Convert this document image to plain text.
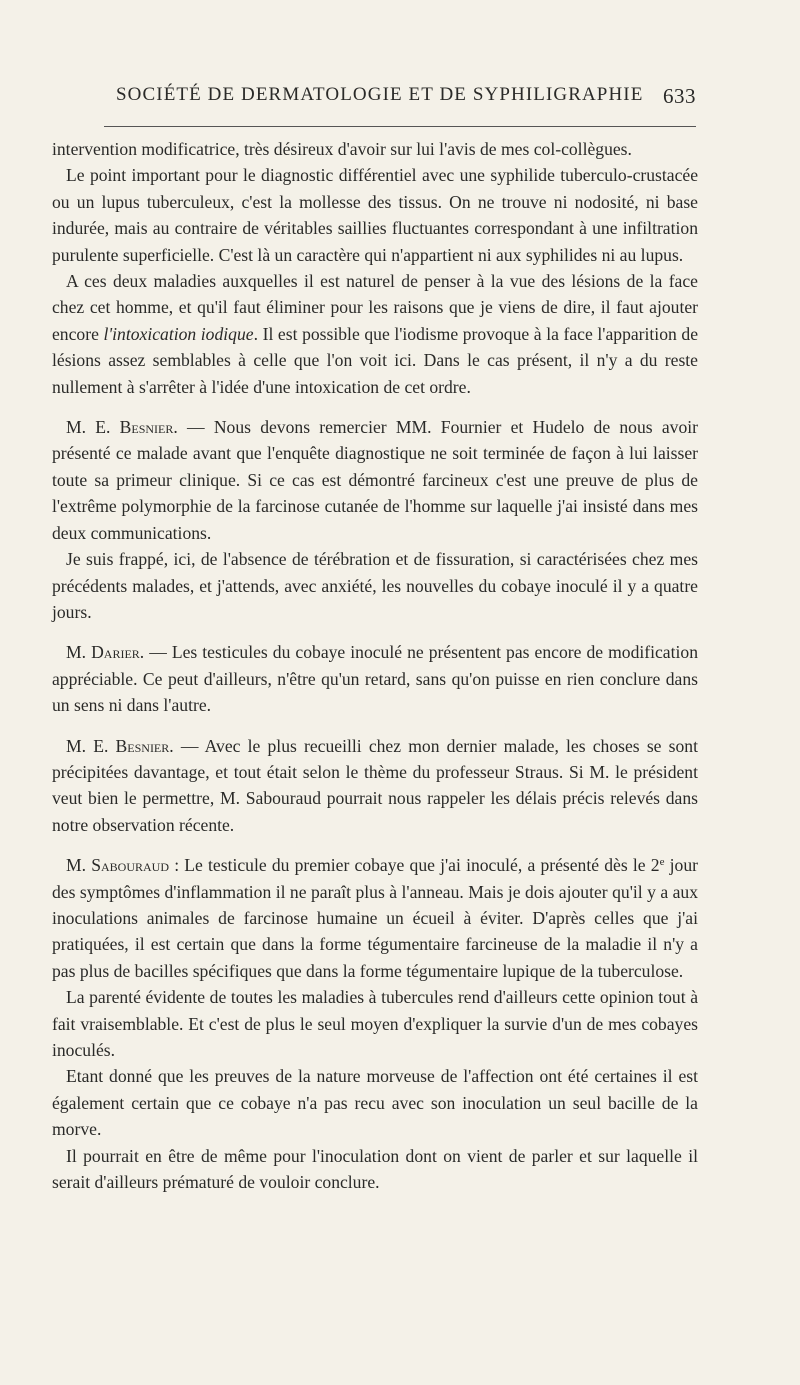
SOCIÉTÉ DE DERMATOLOGIE ET DE SYPHILIGRAPHIE 633

intervention modificatrice, très désireux d'avoir sur lui l'avis de mes col-collègues.

Le point important pour le diagnostic différentiel avec une syphilide tuberculo-crustacée ou un lupus tuberculeux, c'est la mollesse des tissus. On ne trouve ni nodosité, ni base indurée, mais au contraire de véritables saillies fluctuantes correspondant à une infiltration purulente superficielle. C'est là un caractère qui n'appartient ni aux syphilides ni au lupus.

A ces deux maladies auxquelles il est naturel de penser à la vue des lésions de la face chez cet homme, et qu'il faut éliminer pour les raisons que je viens de dire, il faut ajouter encore l'intoxication iodique. Il est possible que l'iodisme provoque à la face l'apparition de lésions assez semblables à celle que l'on voit ici. Dans le cas présent, il n'y a du reste nullement à s'arrêter à l'idée d'une intoxication de cet ordre.

M. E. Besnier. — Nous devons remercier MM. Fournier et Hudelo de nous avoir présenté ce malade avant que l'enquête diagnostique ne soit terminée de façon à lui laisser toute sa primeur clinique. Si ce cas est démontré farcineux c'est une preuve de plus de l'extrême polymorphie de la farcinose cutanée de l'homme sur laquelle j'ai insisté dans mes deux communications.

Je suis frappé, ici, de l'absence de térébration et de fissuration, si caractérisées chez mes précédents malades, et j'attends, avec anxiété, les nouvelles du cobaye inoculé il y a quatre jours.

M. Darier. — Les testicules du cobaye inoculé ne présentent pas encore de modification appréciable. Ce peut d'ailleurs, n'être qu'un retard, sans qu'on puisse en rien conclure dans un sens ni dans l'autre.

M. E. Besnier. — Avec le plus recueilli chez mon dernier malade, les choses se sont précipitées davantage, et tout était selon le thème du professeur Straus. Si M. le président veut bien le permettre, M. Sabouraud pourrait nous rappeler les délais précis relevés dans notre observation récente.

M. Sabouraud : Le testicule du premier cobaye que j'ai inoculé, a présenté dès le 2e jour des symptômes d'inflammation il ne paraît plus à l'anneau. Mais je dois ajouter qu'il y a aux inoculations animales de farcinose humaine un écueil à éviter. D'après celles que j'ai pratiquées, il est certain que dans la forme tégumentaire farcineuse de la maladie il n'y a pas plus de bacilles spécifiques que dans la forme tégumentaire lupique de la tuberculose.

La parenté évidente de toutes les maladies à tubercules rend d'ailleurs cette opinion tout à fait vraisemblable. Et c'est de plus le seul moyen d'expliquer la survie d'un de mes cobayes inoculés.

Etant donné que les preuves de la nature morveuse de l'affection ont été certaines il est également certain que ce cobaye n'a pas recu avec son inoculation un seul bacille de la morve.

Il pourrait en être de même pour l'inoculation dont on vient de parler et sur laquelle il serait d'ailleurs prématuré de vouloir conclure.
